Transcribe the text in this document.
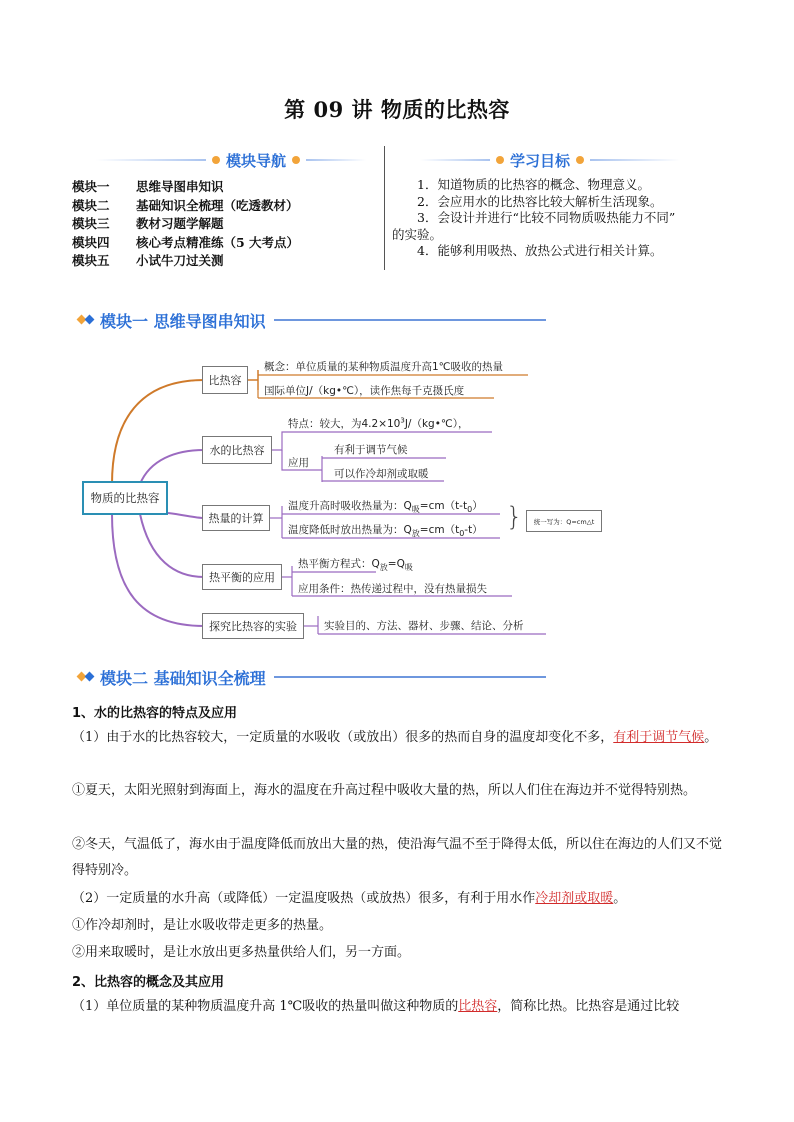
第 09 讲 物质的比热容
模块导航	学习目标
模块一	思维导图串知识
模块二	基础知识全梳理（吃透教材）
模块三	教材习题学解题
模块四	核心考点精准练（5 大考点）
模块五	小试牛刀过关测

1．知道物质的比热容的概念、物理意义。

2．会应用水的比热容比较大解析生活现象。

3．会设计并进行“比较不同物质吸热能力不同”

的实验。

4．能够利用吸热、放热公式进行相关计算。

模块一 思维导图串知识
物质的比热容
比热容
概念：单位质量的某种物质温度升高1℃吸收的热量
国际单位J/（kg•℃），读作焦每千克摄氏度
水的比热容
特点：较大，为$4.2\times 10^3J/(kg•℃)$，
应用
有利于调节气候
可以作冷却剂或取暖
热量的计算
温度升高时吸收热量为：$Q_吸=cm(t-t_0)$
温度降低时放出热量为：$Q_放=cm(t_0-t)$ }	统一写为：Q=cm△t
热平衡的应用
热平衡方程式：$Q_放=Q_吸$
应用条件：热传递过程中，没有热量损失
探究比热容的实验	实验目的、方法、器材、步骤、结论、分析
模块二 基础知识全梳理
1、水的比热容的特点及应用

（1）由于水的比热容较大，一定质量的水吸收（或放出）很多的热而自身的温度却变化不多，有利于调节气候。

①夏天，太阳光照射到海面上，海水的温度在升高过程中吸收大量的热，所以人们住在海边并不觉得特别热。

②冬天，气温低了，海水由于温度降低而放出大量的热，使沿海气温不至于降得太低，所以住在海边的人们又不觉得特别冷。

（2）一定质量的水升高（或降低）一定温度吸热（或放热）很多，有利于用水作冷却剂或取暖。

①作冷却剂时，是让水吸收带走更多的热量。

②用来取暖时，是让水放出更多热量供给人们，另一方面。

2、比热容的概念及其应用

（1）单位质量的某种物质温度升高 1℃吸收的热量叫做这种物质的比热容，简称比热。比热容是通过比较
